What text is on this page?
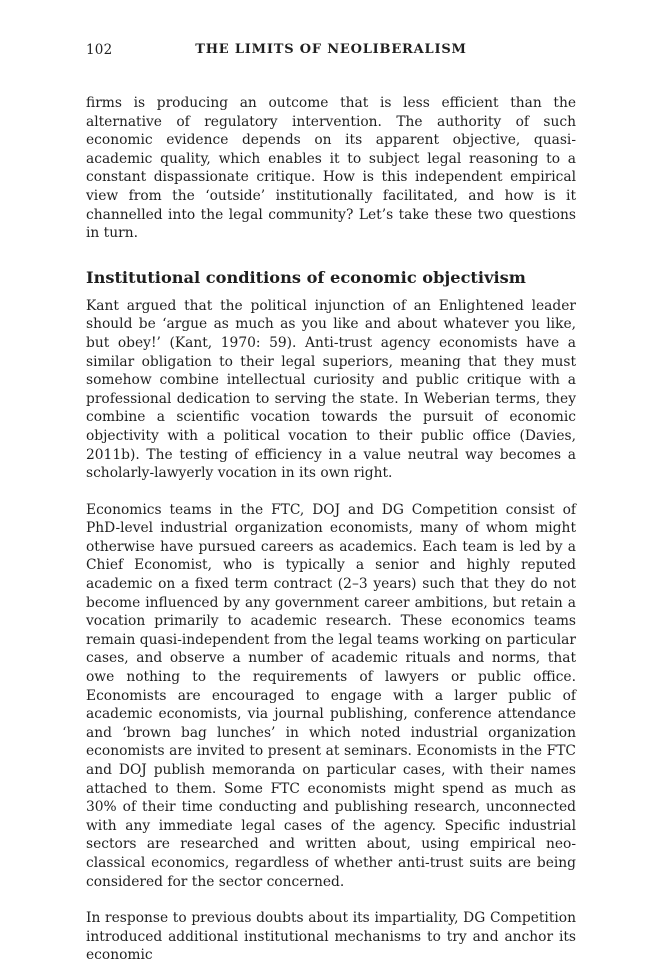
102	THE LIMITS OF NEOLIBERALISM

firms is producing an outcome that is less efficient than the alternative of regulatory intervention. The authority of such economic evidence depends on its apparent objective, quasi-academic quality, which enables it to subject legal reasoning to a constant dispassionate critique. How is this independent empirical view from the ‘outside’ institutionally facilitated, and how is it channelled into the legal community? Let’s take these two questions in turn.

Institutional conditions of economic objectivism

Kant argued that the political injunction of an Enlightened leader should be ‘argue as much as you like and about whatever you like, but obey!’ (Kant, 1970: 59). Anti-trust agency economists have a similar obligation to their legal superiors, meaning that they must somehow combine intellectual curiosity and public critique with a professional dedication to serving the state. In Weberian terms, they combine a scientific vocation towards the pursuit of economic objectivity with a political vocation to their public office (Davies, 2011b). The testing of efficiency in a value neutral way becomes a scholarly-lawyerly vocation in its own right.

Economics teams in the FTC, DOJ and DG Competition consist of PhD-level industrial organization economists, many of whom might otherwise have pursued careers as academics. Each team is led by a Chief Economist, who is typically a senior and highly reputed academic on a fixed term contract (2–3 years) such that they do not become influenced by any government career ambitions, but retain a vocation primarily to academic research. These economics teams remain quasi-independent from the legal teams working on particular cases, and observe a number of academic rituals and norms, that owe nothing to the requirements of lawyers or public office. Economists are encouraged to engage with a larger public of academic economists, via journal publishing, conference attendance and ‘brown bag lunches’ in which noted industrial organization economists are invited to present at seminars. Economists in the FTC and DOJ publish memoranda on particular cases, with their names attached to them. Some FTC economists might spend as much as 30% of their time conducting and publishing research, unconnected with any immediate legal cases of the agency. Specific industrial sectors are researched and written about, using empirical neo-classical economics, regardless of whether anti-trust suits are being considered for the sector concerned.

In response to previous doubts about its impartiality, DG Competition introduced additional institutional mechanisms to try and anchor its economic
